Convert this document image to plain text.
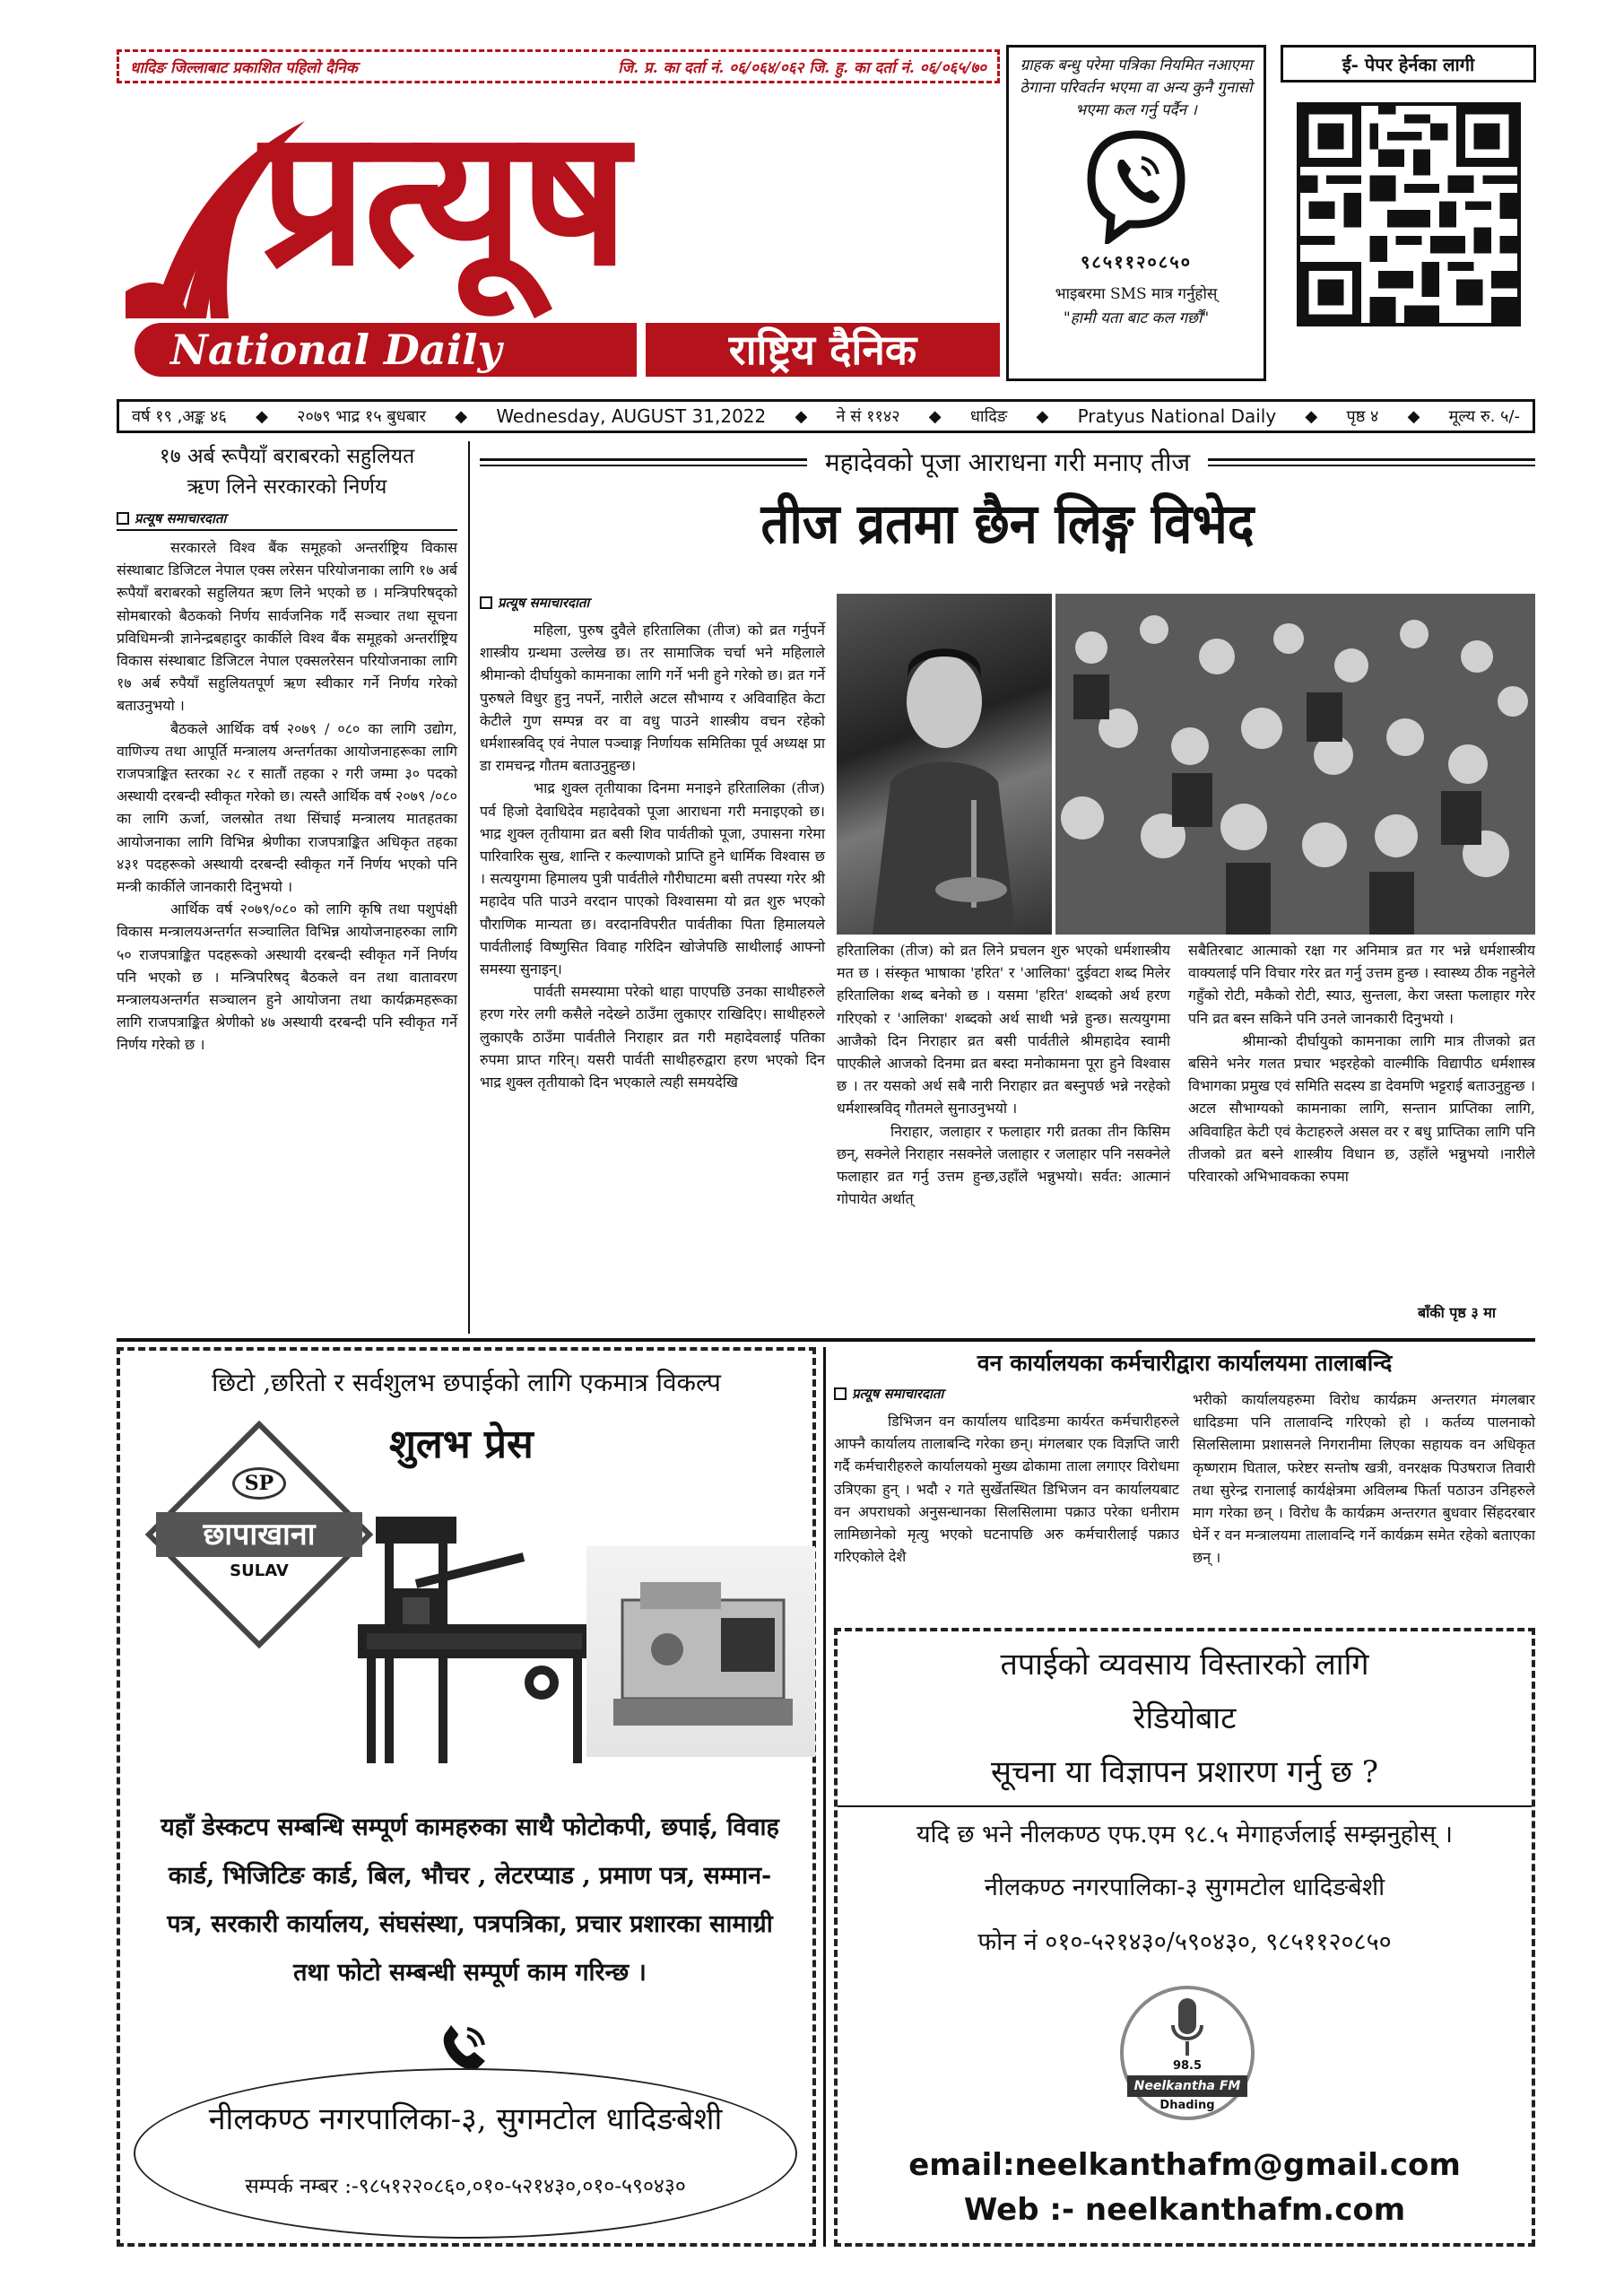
धादिङ जिल्लाबाट प्रकाशित पहिलो दैनिक	जि. प्र. का दर्ता नं. ०६/०६४/०६२ जि. हु. का दर्ता नं. ०६/०६५/७०
प्रत्यूष
National Daily	राष्ट्रिय दैनिक
ग्राहक बन्धु परेमा पत्रिका नियमित नआएमा ठेगाना परिवर्तन भएमा वा अन्य कुनै गुनासो भएमा कल गर्नु पर्दैन ।
९८५११२०८५०
भाइबरमा SMS मात्र गर्नुहोस्
"हामी यता बाट कल गर्छौं"
ई- पेपर हेर्नका लागी
वर्ष १९ ,अङ्क ४६ ◆ २०७९ भाद्र १५ बुधबार ◆ Wednesday, AUGUST 31,2022 ◆ ने सं ११४२ ◆ धादिङ ◆ Pratyus National Daily ◆ पृष्ठ ४ ◆ मूल्य रु. ५/-
१७ अर्ब रूपैयाँ बराबरको सहुलियत
ऋण लिने सरकारको निर्णय
प्रत्यूष समाचारदाता

सरकारले विश्व बैंक समूहको अन्तर्राष्ट्रिय विकास संस्थाबाट डिजिटल नेपाल एक्स लरेसन परियोजनाका लागि १७ अर्ब रूपैयाँ बराबरको सहुलियत ऋण लिने भएको छ । मन्त्रिपरिषद्को सोमबारको बैठकको निर्णय सार्वजनिक गर्दै सञ्चार तथा सूचना प्रविधिमन्त्री ज्ञानेन्द्रबहादुर कार्कीले विश्व बैंक समूहको अन्तर्राष्ट्रिय विकास संस्थाबाट डिजिटल नेपाल एक्सलरेसन परियोजनाका लागि १७ अर्ब रुपैयाँ सहुलियतपूर्ण ऋण स्वीकार गर्ने निर्णय गरेको बताउनुभयो ।

बैठकले आर्थिक वर्ष २०७९ / ०८० का लागि उद्योग, वाणिज्य तथा आपूर्ति मन्त्रालय अन्तर्गतका आयोजनाहरूका लागि राजपत्राङ्कित स्तरका २८ र सातौं तहका २ गरी जम्मा ३० पदको अस्थायी दरबन्दी स्वीकृत गरेको छ। त्यस्तै आर्थिक वर्ष २०७९ /०८० का लागि ऊर्जा, जलस्रोत तथा सिंचाई मन्त्रालय मातहतका आयोजनाका लागि विभिन्न श्रेणीका राजपत्राङ्कित अधिकृत तहका ४३१ पदहरूको अस्थायी दरबन्दी स्वीकृत गर्ने निर्णय भएको पनि मन्त्री कार्कीले जानकारी दिनुभयो ।

आर्थिक वर्ष २०७९/०८० को लागि कृषि तथा पशुपंक्षी विकास मन्त्रालयअन्तर्गत सञ्चालित विभिन्न आयोजनाहरुका लागि ५० राजपत्राङ्कित पदहरूको अस्थायी दरबन्दी स्वीकृत गर्ने निर्णय पनि भएको छ । मन्त्रिपरिषद् बैठकले वन तथा वातावरण मन्त्रालयअन्तर्गत सञ्चालन हुने आयोजना तथा कार्यक्रमहरूका लागि राजपत्राङ्कित श्रेणीको ४७ अस्थायी दरबन्दी पनि स्वीकृत गर्ने निर्णय गरेको छ ।

महादेवको पूजा आराधना गरी मनाए तीज
तीज व्रतमा छैन लिङ्ग विभेद
प्रत्यूष समाचारदाता

महिला, पुरुष दुवैले हरितालिका (तीज) को व्रत गर्नुपर्ने शास्त्रीय ग्रन्थमा उल्लेख छ। तर सामाजिक चर्चा भने महिलाले श्रीमान्को दीर्घायुको कामनाका लागि गर्ने भनी हुने गरेको छ। व्रत गर्ने पुरुषले विधुर हुनु नपर्ने, नारीले अटल सौभाग्य र अविवाहित केटा केटीले गुण सम्पन्न वर वा वधु पाउने शास्त्रीय वचन रहेको धर्मशास्त्रविद् एवं नेपाल पञ्चाङ्ग निर्णायक समितिका पूर्व अध्यक्ष प्रा डा रामचन्द्र गौतम बताउनुहुन्छ।

भाद्र शुक्ल तृतीयाका दिनमा मनाइने हरितालिका (तीज) पर्व हिजो देवाधिदेव महादेवको पूजा आराधना गरी मनाइएको छ। भाद्र शुक्ल तृतीयामा व्रत बसी शिव पार्वतीको पूजा, उपासना गरेमा पारिवारिक सुख, शान्ति र कल्याणको प्राप्ति हुने धार्मिक विश्वास छ । सत्ययुगमा हिमालय पुत्री पार्वतीले गौरीघाटमा बसी तपस्या गरेर श्री महादेव पति पाउने वरदान पाएको विश्वासमा यो व्रत शुरु भएको पौराणिक मान्यता छ। वरदानविपरीत पार्वतीका पिता हिमालयले पार्वतीलाई विष्णुसित विवाह गरिदिन खोजेपछि साथीलाई आफ्नो समस्या सुनाइन्।

पार्वती समस्यामा परेको थाहा पाएपछि उनका साथीहरुले हरण गरेर लगी कसैले नदेख्ने ठाउँमा लुकाएर राखिदिए। साथीहरुले लुकाएकै ठाउँमा पार्वतीले निराहार व्रत गरी महादेवलाई पतिका रुपमा प्राप्त गरिन्। यसरी पार्वती साथीहरुद्वारा हरण भएको दिन भाद्र शुक्ल तृतीयाको दिन भएकाले त्यही समयदेखि

हरितालिका (तीज) को व्रत लिने प्रचलन शुरु भएको धर्मशास्त्रीय मत छ । संस्कृत भाषाका 'हरित' र 'आलिका' दुईवटा शब्द मिलेर हरितालिका शब्द बनेको छ । यसमा 'हरित' शब्दको अर्थ हरण गरिएको र 'आलिका' शब्दको अर्थ साथी भन्ने हुन्छ। सत्ययुगमा आजैको दिन निराहार व्रत बसी पार्वतीले श्रीमहादेव स्वामी पाएकीले आजको दिनमा व्रत बस्दा मनोकामना पूरा हुने विश्वास छ । तर यसको अर्थ सबै नारी निराहार व्रत बस्नुपर्छ भन्ने नरहेको धर्मशास्त्रविद् गौतमले सुनाउनुभयो ।

निराहार, जलाहार र फलाहार गरी व्रतका तीन किसिम छन्, सक्नेले निराहार नसक्नेले जलाहार र जलाहार पनि नसक्नेले फलाहार व्रत गर्नु उत्तम हुन्छ,उहाँले भन्नुभयो। सर्वत: आत्मानं गोपायेत अर्थात्

सबैतिरबाट आत्माको रक्षा गर अनिमात्र व्रत गर भन्ने धर्मशास्त्रीय वाक्यलाई पनि विचार गरेर व्रत गर्नु उत्तम हुन्छ । स्वास्थ्य ठीक नहुनेले गहुँको रोटी, मकैको रोटी, स्याउ, सुन्तला, केरा जस्ता फलाहार गरेर पनि व्रत बस्न सकिने पनि उनले जानकारी दिनुभयो ।

श्रीमान्को दीर्घायुको कामनाका लागि मात्र तीजको व्रत बसिने भनेर गलत प्रचार भइरहेको वाल्मीकि विद्यापीठ धर्मशास्त्र विभागका प्रमुख एवं समिति सदस्य डा देवमणि भट्टराई बताउनुहुन्छ । अटल सौभाग्यको कामनाका लागि, सन्तान प्राप्तिका लागि, अविवाहित केटी एवं केटाहरुले असल वर र बधु प्राप्तिका लागि पनि तीजको व्रत बस्ने शास्त्रीय विधान छ, उहाँले भन्नुभयो ।नारीले परिवारको अभिभावकका रुपमा

बाँकी पृष्ठ ३ मा
छिटो ,छरितो र सर्वशुलभ छपाईको लागि एकमात्र विकल्प
शुलभ प्रेस
SP
छापाखाना
SULAV
यहाँ डेस्कटप सम्बन्धि सम्पूर्ण कामहरुका साथै फोटोकपी, छपाई, विवाह कार्ड, भिजिटिङ कार्ड, बिल, भौचर , लेटरप्याड , प्रमाण पत्र, सम्मान-पत्र, सरकारी कार्यालय, संघसंस्था, पत्रपत्रिका, प्रचार प्रशारका सामाग्री तथा फोटो सम्बन्धी सम्पूर्ण काम गरिन्छ ।
नीलकण्ठ नगरपालिका-३, सुगमटोल धादिङबेशी
सम्पर्क नम्बर :-९८५१२२०८६०,०१०-५२१४३०,०१०-५९०४३०
वन कार्यालयका कर्मचारीद्वारा कार्यालयमा तालाबन्दि
प्रत्यूष समाचारदाता

डिभिजन वन कार्यालय धादिङमा कार्यरत कर्मचारीहरुले आफ्नै कार्यालय तालाबन्दि गरेका छन्। मंगलबार एक विज्ञप्ति जारी गर्दै कर्मचारीहरुले कार्यालयको मुख्य ढोकामा ताला लगाएर विरोधमा उत्रिएका हुन् । भदौ २ गते सुर्खेतस्थित डिभिजन वन कार्यालयबाट वन अपराधको अनुसन्धानका सिलसिलामा पक्राउ परेका धनीराम लामिछानेको मृत्यु भएको घटनापछि अरु कर्मचारीलाई पक्राउ गरिएकोले देशै

भरीको कार्यालयहरुमा विरोध कार्यक्रम अन्तरगत मंगलबार धादिङमा पनि तालावन्दि गरिएको हो । कर्तव्य पालनाको सिलसिलामा प्रशासनले निगरानीमा लिएका सहायक वन अधिकृत कृष्णराम घिताल, फरेष्टर सन्तोष खत्री, वनरक्षक पिउषराज तिवारी तथा सुरेन्द्र रानालाई कार्यक्षेत्रमा अविलम्ब फिर्ता पठाउन उनिहरुले माग गरेका छन् । विरोध कै कार्यक्रम अन्तरगत बुधवार सिंहदरबार घेर्ने र वन मन्त्रालयमा तालावन्दि गर्ने कार्यक्रम समेत रहेको बताएका छन् ।

तपाईको व्यवसाय विस्तारको लागि
रेडियोबाट
सूचना या विज्ञापन प्रशारण गर्नु छ ?
यदि छ भने नीलकण्ठ एफ.एम ९८.५ मेगाहर्जलाई सम्झनुहोस् ।
नीलकण्ठ नगरपालिका-३ सुगमटोल धादिङबेशी
फोन नं ०१०-५२१४३०/५९०४३०, ९८५११२०८५०
98.5
Neelkantha FM
Dhading
email:neelkanthafm@gmail.com
Web :- neelkanthafm.com
